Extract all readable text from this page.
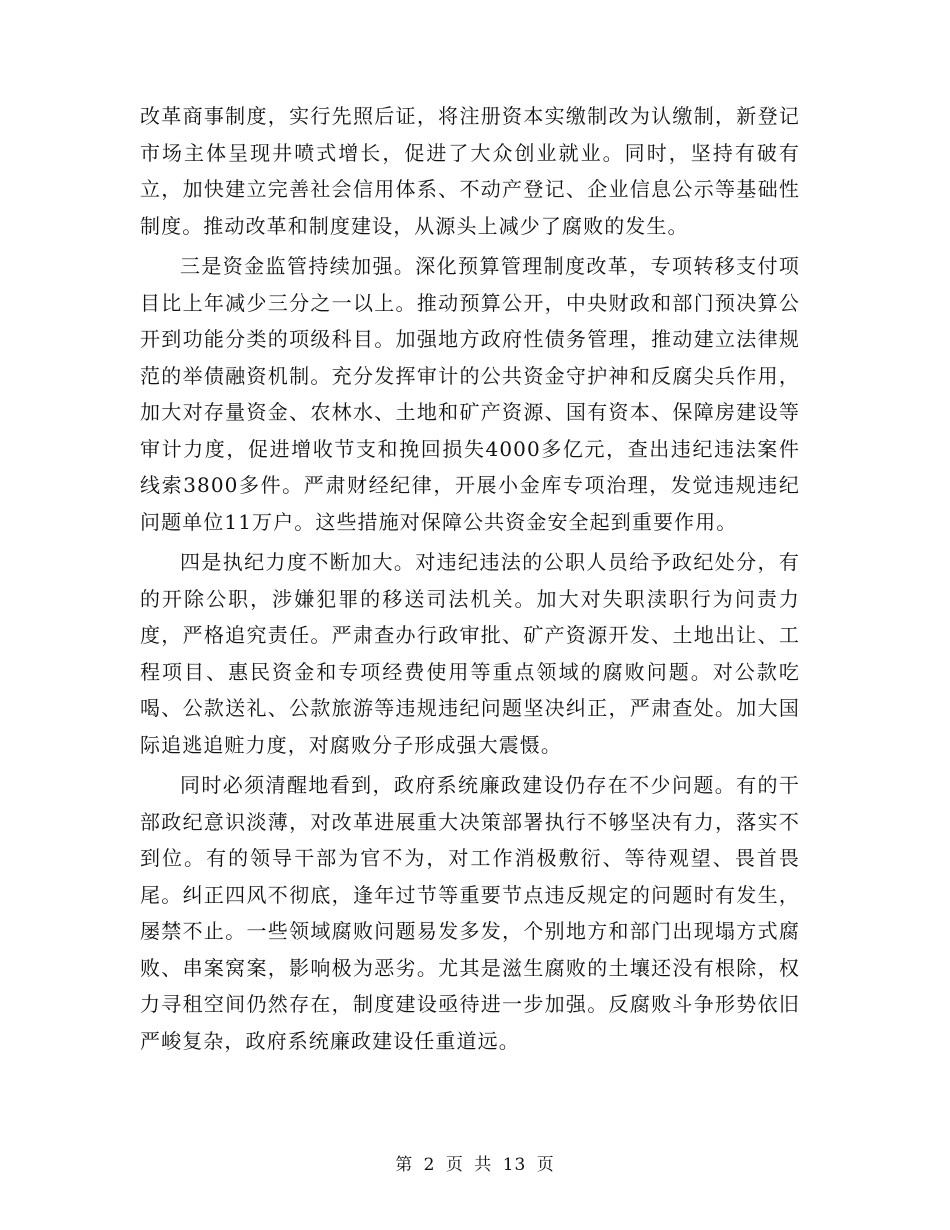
改革商事制度，实行先照后证，将注册资本实缴制改为认缴制，新登记市场主体呈现井喷式增长，促进了大众创业就业。同时，坚持有破有立，加快建立完善社会信用体系、不动产登记、企业信息公示等基础性制度。推动改革和制度建设，从源头上减少了腐败的发生。

三是资金监管持续加强。深化预算管理制度改革，专项转移支付项目比上年减少三分之一以上。推动预算公开，中央财政和部门预决算公开到功能分类的项级科目。加强地方政府性债务管理，推动建立法律规范的举债融资机制。充分发挥审计的公共资金守护神和反腐尖兵作用，加大对存量资金、农林水、土地和矿产资源、国有资本、保障房建设等审计力度，促进增收节支和挽回损失4000多亿元，查出违纪违法案件线索3800多件。严肃财经纪律，开展小金库专项治理，发觉违规违纪问题单位11万户。这些措施对保障公共资金安全起到重要作用。

四是执纪力度不断加大。对违纪违法的公职人员给予政纪处分，有的开除公职，涉嫌犯罪的移送司法机关。加大对失职渎职行为问责力度，严格追究责任。严肃查办行政审批、矿产资源开发、土地出让、工程项目、惠民资金和专项经费使用等重点领域的腐败问题。对公款吃喝、公款送礼、公款旅游等违规违纪问题坚决纠正，严肃查处。加大国际追逃追赃力度，对腐败分子形成强大震慑。

同时必须清醒地看到，政府系统廉政建设仍存在不少问题。有的干部政纪意识淡薄，对改革进展重大决策部署执行不够坚决有力，落实不到位。有的领导干部为官不为，对工作消极敷衍、等待观望、畏首畏尾。纠正四风不彻底，逢年过节等重要节点违反规定的问题时有发生，屡禁不止。一些领域腐败问题易发多发，个别地方和部门出现塌方式腐败、串案窝案，影响极为恶劣。尤其是滋生腐败的土壤还没有根除，权力寻租空间仍然存在，制度建设亟待进一步加强。反腐败斗争形势依旧严峻复杂，政府系统廉政建设任重道远。

第 2 页 共 13 页
